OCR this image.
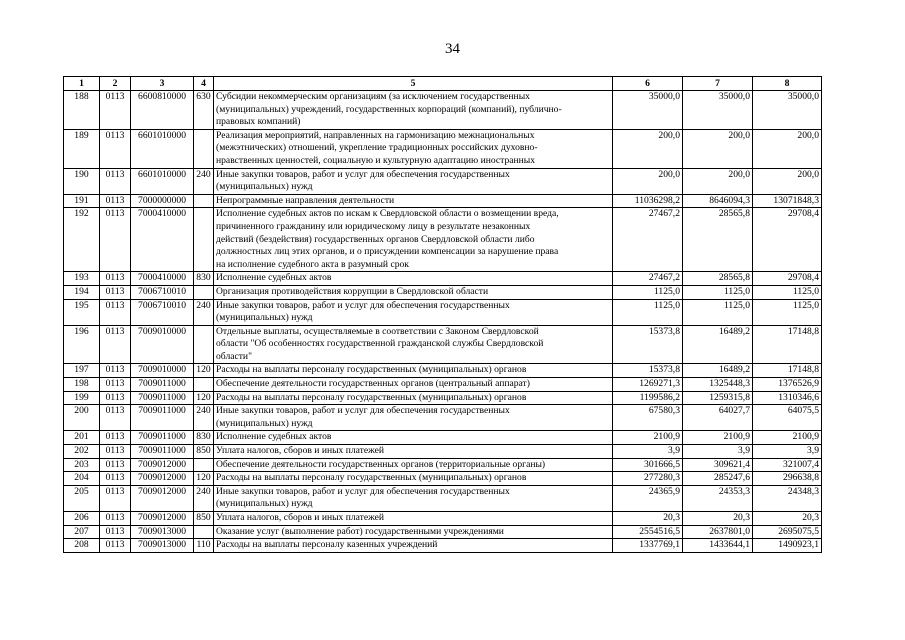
34
1	2	3	4	5	6	7	8
188	0113	6600810000	630	Субсидии некоммерческим организациям (за исключением государственных
(муниципальных) учреждений, государственных корпораций (компаний), публично-
правовых компаний)	35000,0	35000,0	35000,0
189	0113	6601010000		Реализация мероприятий, направленных на гармонизацию межнациональных
(межэтнических) отношений, укрепление традиционных российских духовно-
нравственных ценностей, социальную и культурную адаптацию иностранных	200,0	200,0	200,0
190	0113	6601010000	240	Иные закупки товаров, работ и услуг для обеспечения государственных
(муниципальных) нужд	200,0	200,0	200,0
191	0113	7000000000		Непрограммные направления деятельности	11036298,2	8646094,3	13071848,3
192	0113	7000410000		Исполнение судебных актов по искам к Свердловской области о возмещении вреда,
причиненного гражданину или юридическому лицу в результате незаконных
действий (бездействия) государственных органов Свердловской области либо
должностных лиц этих органов, и о присуждении компенсации за нарушение права
на исполнение судебного акта в разумный срок	27467,2	28565,8	29708,4
193	0113	7000410000	830	Исполнение судебных актов	27467,2	28565,8	29708,4
194	0113	7006710010		Организация противодействия коррупции в Свердловской области	1125,0	1125,0	1125,0
195	0113	7006710010	240	Иные закупки товаров, работ и услуг для обеспечения государственных
(муниципальных) нужд	1125,0	1125,0	1125,0
196	0113	7009010000		Отдельные выплаты, осуществляемые в соответствии с Законом Свердловской
области "Об особенностях государственной гражданской службы Свердловской
области"	15373,8	16489,2	17148,8
197	0113	7009010000	120	Расходы на выплаты персоналу государственных (муниципальных) органов	15373,8	16489,2	17148,8
198	0113	7009011000		Обеспечение деятельности государственных органов (центральный аппарат)	1269271,3	1325448,3	1376526,9
199	0113	7009011000	120	Расходы на выплаты персоналу государственных (муниципальных) органов	1199586,2	1259315,8	1310346,6
200	0113	7009011000	240	Иные закупки товаров, работ и услуг для обеспечения государственных
(муниципальных) нужд	67580,3	64027,7	64075,5
201	0113	7009011000	830	Исполнение судебных актов	2100,9	2100,9	2100,9
202	0113	7009011000	850	Уплата налогов, сборов и иных платежей	3,9	3,9	3,9
203	0113	7009012000		Обеспечение деятельности государственных органов (территориальные органы)	301666,5	309621,4	321007,4
204	0113	7009012000	120	Расходы на выплаты персоналу государственных (муниципальных) органов	277280,3	285247,6	296638,8
205	0113	7009012000	240	Иные закупки товаров, работ и услуг для обеспечения государственных
(муниципальных) нужд	24365,9	24353,3	24348,3
206	0113	7009012000	850	Уплата налогов, сборов и иных платежей	20,3	20,3	20,3
207	0113	7009013000		Оказание услуг (выполнение работ) государственными учреждениями	2554516,5	2637801,0	2695075,5
208	0113	7009013000	110	Расходы на выплаты персоналу казенных учреждений	1337769,1	1433644,1	1490923,1
